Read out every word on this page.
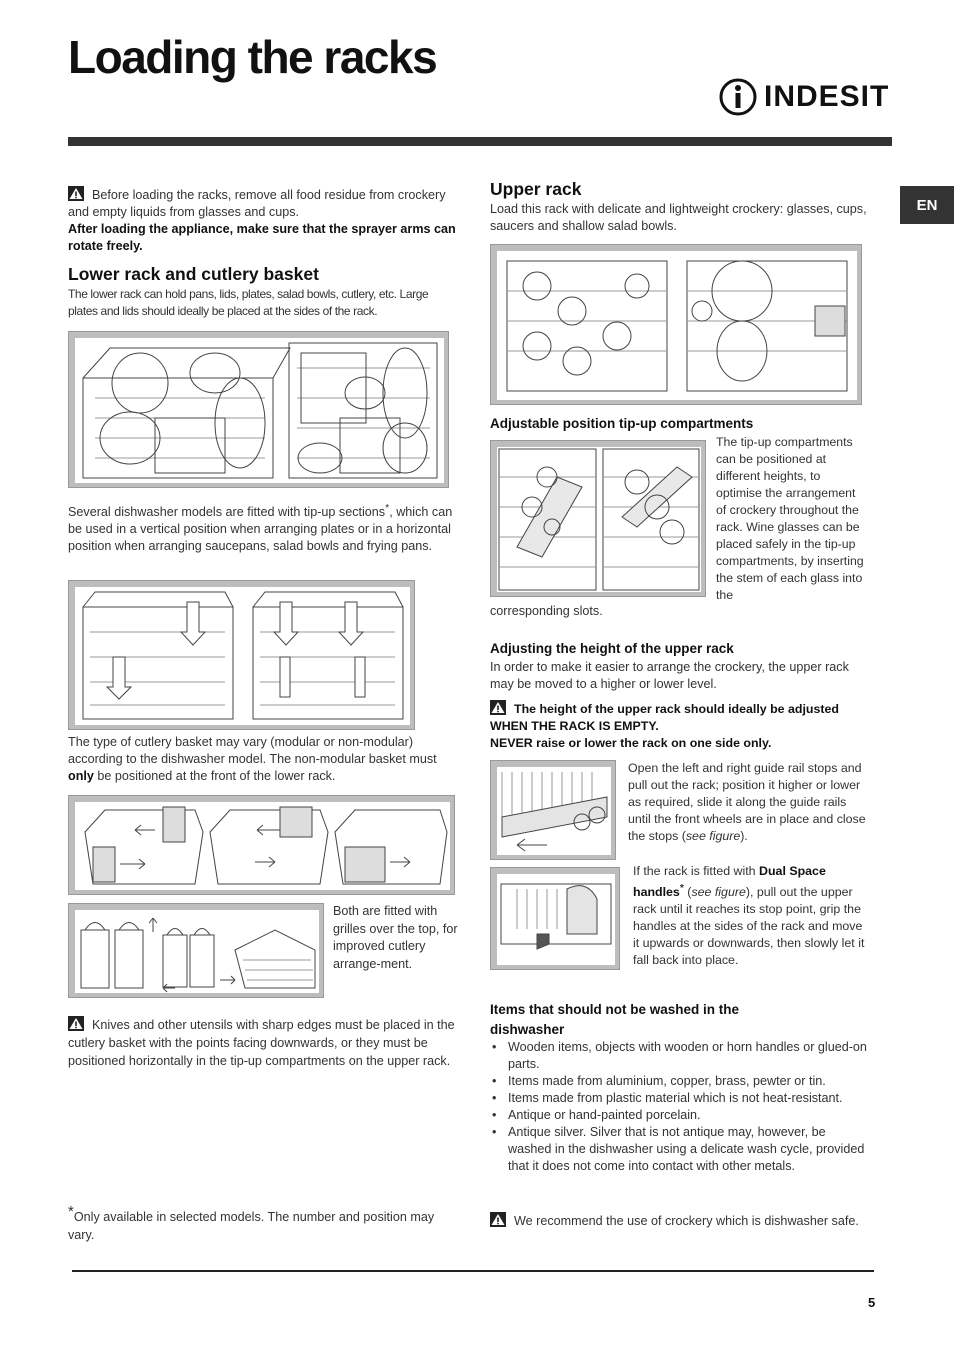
Loading the racks
INDESIT
EN
Before loading the racks, remove all food residue from crockery and empty liquids from glasses and cups.
After loading the appliance, make sure that the sprayer arms can rotate freely.
Lower rack and cutlery basket
The lower rack can hold pans, lids, plates, salad bowls, cutlery, etc. Large plates and lids should ideally be placed at the sides of the rack.
Several dishwasher models are fitted with tip-up sections*, which can be used in a vertical position when arranging plates or in a horizontal position when arranging saucepans, salad bowls and frying pans.
The type of cutlery basket may vary (modular or non-modular) according to the dishwasher model. The non-modular basket must only be positioned at the front of the lower rack.
Both are fitted with grilles over the top, for improved cutlery arrange-ment.
Knives and other utensils with sharp edges must be placed in the cutlery basket with the points facing downwards, or they must be positioned horizontally in the tip-up compartments on the upper rack.
*Only available in selected models. The number and position may vary.
Upper rack
Load this rack with delicate and lightweight crockery: glasses, cups, saucers and shallow salad bowls.
Adjustable position tip-up compartments
The tip-up compartments can be positioned at different heights, to optimise the arrangement of crockery throughout the rack. Wine glasses can be placed safely in the tip-up compartments, by inserting the stem of each glass into the
corresponding slots.
Adjusting the height of the upper rack
In order to make it easier to arrange the crockery, the upper rack may be moved to a higher or lower level.
The height of the upper rack should ideally be adjusted WHEN THE RACK IS EMPTY.
NEVER raise or lower the rack on one side only.
Open the left and right guide rail stops and pull out the rack; position it higher or lower as required, slide it along the guide rails until the front wheels are in place and close the stops (see figure).
If the rack is fitted with Dual Space handles* (see figure), pull out the upper rack until it reaches its stop point, grip the handles at the sides of the rack and move it upwards or downwards, then slowly let it fall back into place.
Items that should not be washed in the dishwasher
• Wooden items, objects with wooden or horn handles or glued-on parts.
• Items made from aluminium, copper, brass, pewter or tin.
• Items made from plastic material which is not heat-resistant.
• Antique or hand-painted porcelain.
• Antique silver. Silver that is not antique may, however, be washed in the dishwasher using a delicate wash cycle, provided that it does not come into contact with other metals.
We recommend the use of crockery which is dishwasher safe.
5
